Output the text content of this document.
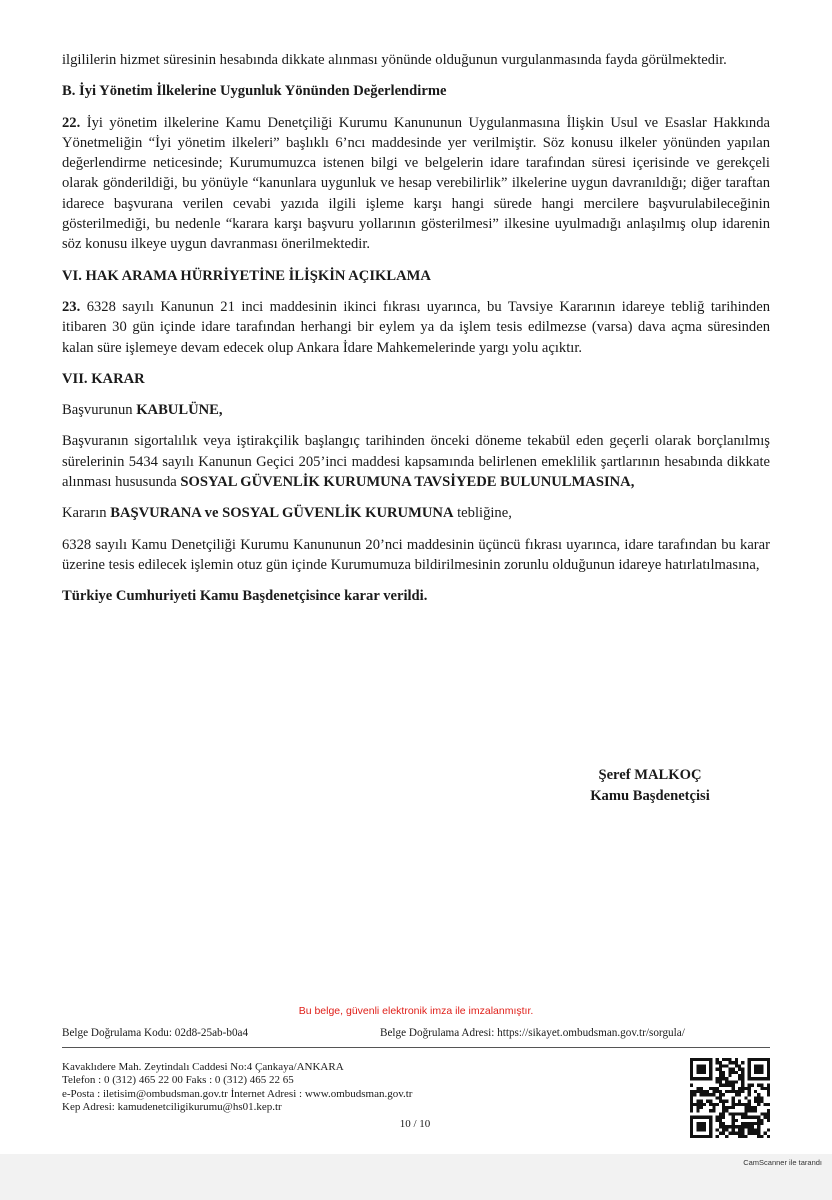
ilgililerin hizmet süresinin hesabında dikkate alınması yönünde olduğunun vurgulanmasında fayda görülmektedir.

B. İyi Yönetim İlkelerine Uygunluk Yönünden Değerlendirme

22. İyi yönetim ilkelerine Kamu Denetçiliği Kurumu Kanununun Uygulanmasına İlişkin Usul ve Esaslar Hakkında Yönetmeliğin “İyi yönetim ilkeleri” başlıklı 6’ncı maddesinde yer verilmiştir. Söz konusu ilkeler yönünden yapılan değerlendirme neticesinde; Kurumumuzca istenen bilgi ve belgelerin idare tarafından süresi içerisinde ve gerekçeli olarak gönderildiği, bu yönüyle “kanunlara uygunluk ve hesap verebilirlik” ilkelerine uygun davranıldığı; diğer taraftan idarece başvurana verilen cevabi yazıda ilgili işleme karşı hangi sürede hangi mercilere başvurulabileceğinin gösterilmediği, bu nedenle “karara karşı başvuru yollarının gösterilmesi” ilkesine uyulmadığı anlaşılmış olup idarenin söz konusu ilkeye uygun davranması önerilmektedir.

VI. HAK ARAMA HÜRRİYETİNE İLİŞKİN AÇIKLAMA

23. 6328 sayılı Kanunun 21 inci maddesinin ikinci fıkrası uyarınca, bu Tavsiye Kararının idareye tebliğ tarihinden itibaren 30 gün içinde idare tarafından herhangi bir eylem ya da işlem tesis edilmezse (varsa) dava açma süresinden kalan süre işlemeye devam edecek olup Ankara İdare Mahkemelerinde yargı yolu açıktır.

VII. KARAR

Başvurunun KABULÜNE,

Başvuranın sigortalılık veya iştirakçilik başlangıç tarihinden önceki döneme tekabül eden geçerli olarak borçlanılmış sürelerinin 5434 sayılı Kanunun Geçici 205’inci maddesi kapsamında belirlenen emeklilik şartlarının hesabında dikkate alınması hususunda SOSYAL GÜVENLİK KURUMUNA TAVSİYEDE BULUNULMASINA,

Kararın BAŞVURANA ve SOSYAL GÜVENLİK KURUMUNA tebliğine,

6328 sayılı Kamu Denetçiliği Kurumu Kanununun 20’nci maddesinin üçüncü fıkrası uyarınca, idare tarafından bu karar üzerine tesis edilecek işlemin otuz gün içinde Kurumumuza bildirilmesinin zorunlu olduğunun idareye hatırlatılmasına,

Türkiye Cumhuriyeti Kamu Başdenetçisince karar verildi.

Şeref MALKOÇ
Kamu Başdenetçisi
Bu belge, güvenli elektronik imza ile imzalanmıştır.
Belge Doğrulama Kodu: 02d8-25ab-b0a4	Belge Doğrulama Adresi: https://sikayet.ombudsman.gov.tr/sorgula/
Kavaklıdere Mah. Zeytindalı Caddesi No:4 Çankaya/ANKARA
Telefon : 0 (312) 465 22 00 Faks : 0 (312) 465 22 65
e-Posta : iletisim@ombudsman.gov.tr İnternet Adresi : www.ombudsman.gov.tr
Kep Adresi: kamudenetciligikurumu@hs01.kep.tr
10 / 10
CamScanner ile tarandı
